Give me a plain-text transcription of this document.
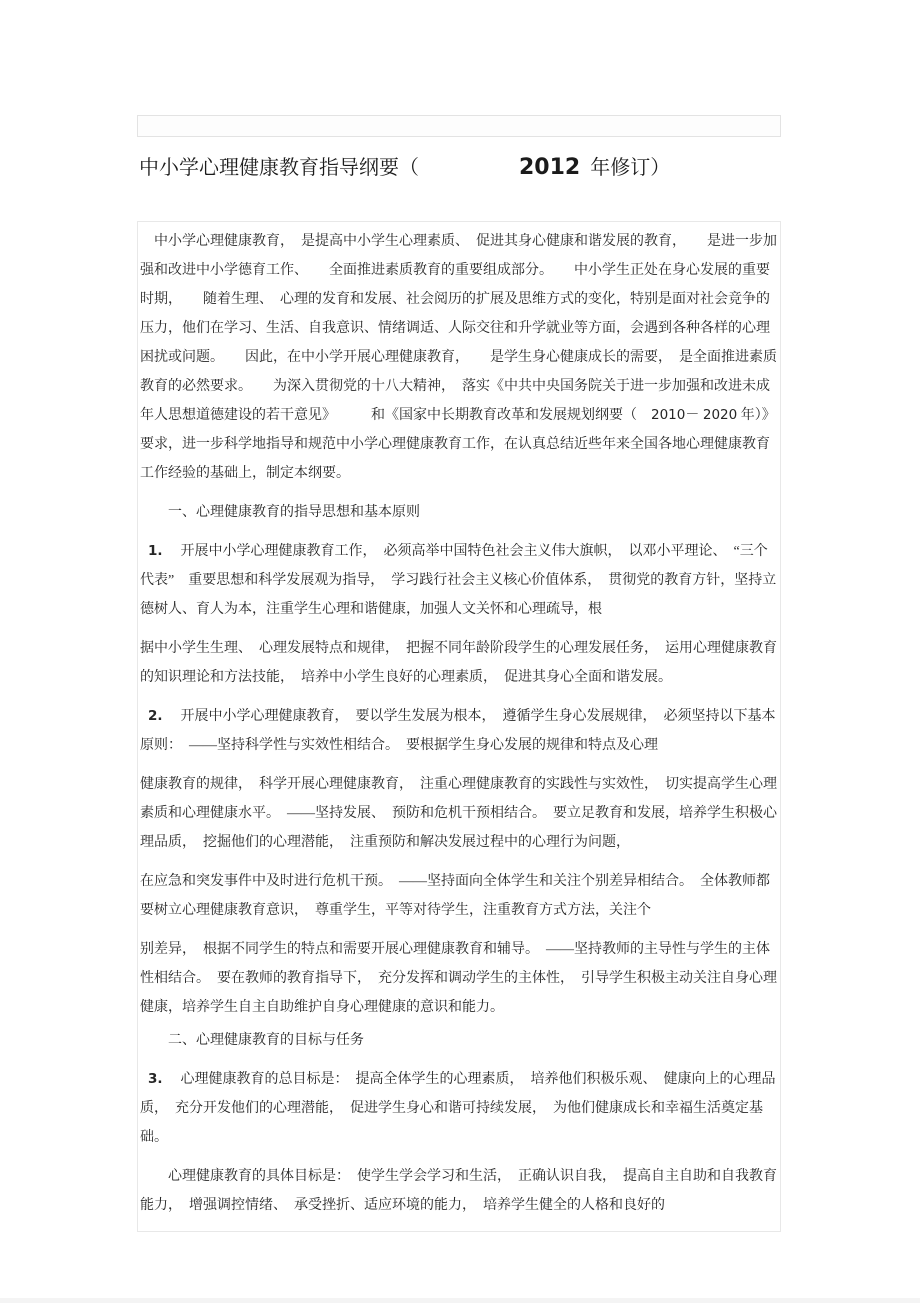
中小学心理健康教育指导纲要（	2012 年修订）

中小学心理健康教育，　是提高中小学生心理素质、　促进其身心健康和谐发展的教育，　　是进一步加强和改进中小学德育工作、　　全面推进素质教育的重要组成部分。　　中小学生正处在身心发展的重要时期，　　随着生理、　心理的发育和发展、社会阅历的扩展及思维方式的变化，特别是面对社会竞争的压力，他们在学习、生活、自我意识、情绪调适、人际交往和升学就业等方面，会遇到各种各样的心理困扰或问题。　　因此，在中小学开展心理健康教育，　　是学生身心健康成长的需要，　是全面推进素质教育的必然要求。　　为深入贯彻党的十八大精神，　落实《中共中央国务院关于进一步加强和改进未成年人思想道德建设的若干意见》　　　和《国家中长期教育改革和发展规划纲要（　2010－ 2020 年）》要求，进一步科学地指导和规范中小学心理健康教育工作，在认真总结近些年来全国各地心理健康教育工作经验的基础上，制定本纲要。

一、心理健康教育的指导思想和基本原则

1. 开展中小学心理健康教育工作，　必须高举中国特色社会主义伟大旗帜，　以邓小平理论、　“三个代表”　重要思想和科学发展观为指导，　学习践行社会主义核心价值体系，　贯彻党的教育方针，坚持立德树人、育人为本，注重学生心理和谐健康，加强人文关怀和心理疏导，根

据中小学生生理、　心理发展特点和规律，　把握不同年龄阶段学生的心理发展任务，　运用心理健康教育的知识理论和方法技能，　培养中小学生良好的心理素质，　促进其身心全面和谐发展。

2. 开展中小学心理健康教育，　要以学生发展为根本，　遵循学生身心发展规律，　必须坚持以下基本原则：　——坚持科学性与实效性相结合。　要根据学生身心发展的规律和特点及心理

健康教育的规律，　科学开展心理健康教育，　注重心理健康教育的实践性与实效性，　切实提高学生心理素质和心理健康水平。　——坚持发展、　预防和危机干预相结合。　要立足教育和发展，培养学生积极心理品质，　挖掘他们的心理潜能，　注重预防和解决发展过程中的心理行为问题，

在应急和突发事件中及时进行危机干预。　——坚持面向全体学生和关注个别差异相结合。　全体教师都要树立心理健康教育意识，　尊重学生，平等对待学生，注重教育方式方法，关注个

别差异，　根据不同学生的特点和需要开展心理健康教育和辅导。　——坚持教师的主导性与学生的主体性相结合。　要在教师的教育指导下，　充分发挥和调动学生的主体性，　引导学生积极主动关注自身心理健康，培养学生自主自助维护自身心理健康的意识和能力。

二、心理健康教育的目标与任务

3. 心理健康教育的总目标是：　提高全体学生的心理素质，　培养他们积极乐观、　健康向上的心理品质，　充分开发他们的心理潜能，　促进学生身心和谐可持续发展，　为他们健康成长和幸福生活奠定基础。

心理健康教育的具体目标是：　使学生学会学习和生活，　正确认识自我，　提高自主自助和自我教育能力，　增强调控情绪、　承受挫折、适应环境的能力，　培养学生健全的人格和良好的
